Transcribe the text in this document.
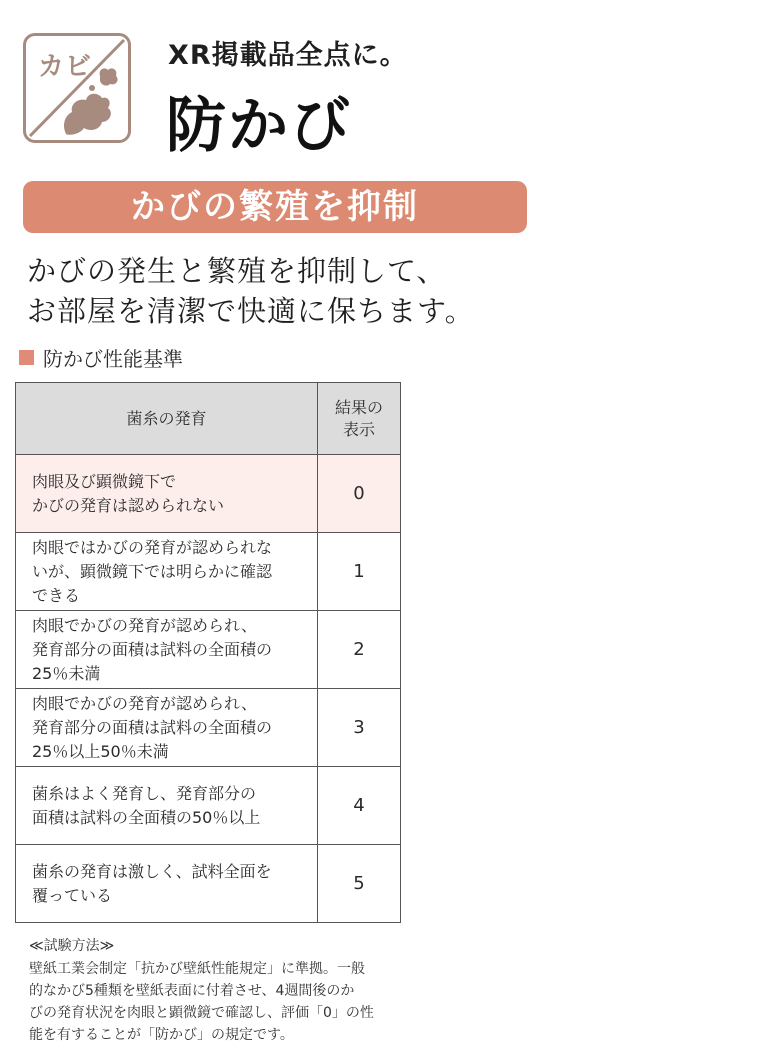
カビ	XR掲載品全点に。
防かび
かびの繁殖を抑制
かびの発生と繁殖を抑制して、
お部屋を清潔で快適に保ちます。
防かび性能基準
菌糸の発育	結果の
表示
肉眼及び顕微鏡下で
かびの発育は認められない	0
肉眼ではかびの発育が認められな
いが、顕微鏡下では明らかに確認
できる	1
肉眼でかびの発育が認められ、
発育部分の面積は試料の全面積の
25％未満	2
肉眼でかびの発育が認められ、
発育部分の面積は試料の全面積の
25％以上50％未満	3
菌糸はよく発育し、発育部分の
面積は試料の全面積の50％以上	4
菌糸の発育は激しく、試料全面を
覆っている	5
≪試験方法≫
壁紙工業会制定「抗かび壁紙性能規定」に準拠。一般
的なかび5種類を壁紙表面に付着させ、4週間後のか
びの発育状況を肉眼と顕微鏡で確認し、評価「0」の性
能を有することが「防かび」の規定です。
